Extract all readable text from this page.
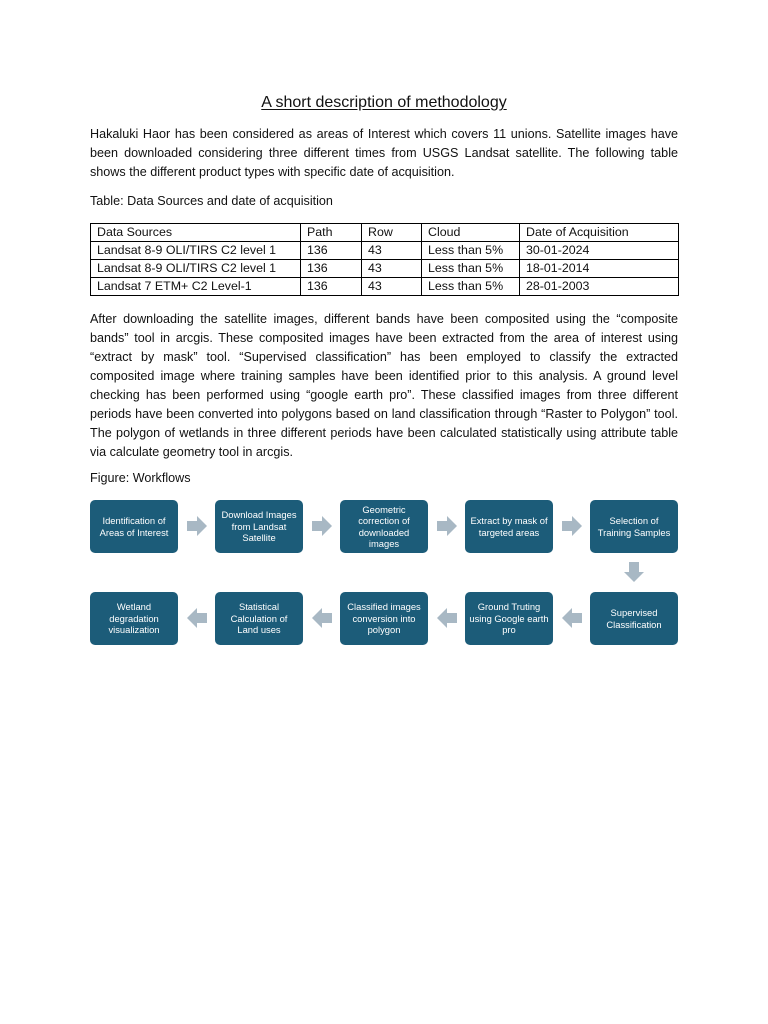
A short description of methodology
Hakaluki Haor has been considered as areas of Interest which covers 11 unions. Satellite images have been downloaded considering three different times from USGS Landsat satellite. The following table shows the different product types with specific date of acquisition.
Table: Data Sources and date of acquisition
Data Sources	Path	Row	Cloud	Date of Acquisition
Landsat 8-9 OLI/TIRS C2 level 1	136	43	Less than 5%	30-01-2024
Landsat 8-9 OLI/TIRS C2 level 1	136	43	Less than 5%	18-01-2014
Landsat 7 ETM+ C2 Level-1	136	43	Less than 5%	28-01-2003
After downloading the satellite images, different bands have been composited using the “composite bands” tool in arcgis. These composited images have been extracted from the area of interest using “extract by mask” tool. “Supervised classification” has been employed to classify the extracted composited image where training samples have been identified prior to this analysis. A ground level checking has been performed using “google earth pro”. These classified images from three different periods have been converted into polygons based on land classification through “Raster to Polygon” tool. The polygon of wetlands in three different periods have been calculated statistically using attribute table via calculate geometry tool in arcgis.
Figure: Workflows
Identification of Areas of Interest
Download Images from Landsat Satellite
Geometric correction of downloaded images
Extract by mask of targeted areas
Selection of Training Samples
Supervised Classification
Ground Truting using Google earth pro
Classified images conversion into polygon
Statistical Calculation of Land uses
Wetland degradation visualization
